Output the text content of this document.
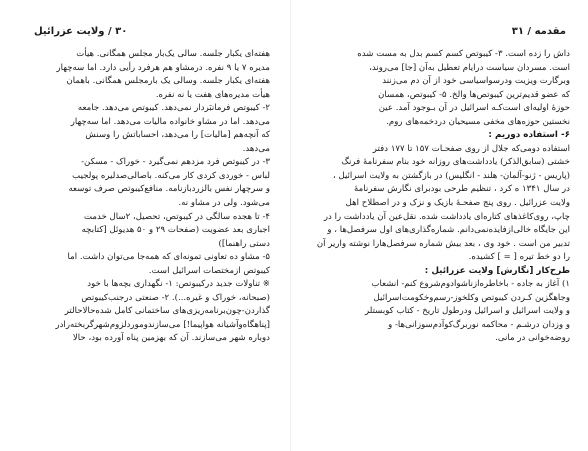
۳۰ / ولایت عزرائیل

هفته‌ای یکبار جلسه. سالی یک‌بار مجلس همگانی. هیأت

مدیره‌ ۷ یا ۹ نفره. درمشاو هم هرفرد رأیی دارد. اما سه‌چهار

هفته‌ای یکبار جلسه. وسالی یک بارمجلس همگانی. باهمان

هیأت مدیره‌های هفت یا نه نفره.

۲- کیبوتص فرمانبَردار نمی‌دهد. کیبوتص می‌دهد. جامعه

می‌دهد. اما در مشاو خانواده مالیات می‌دهد. اما سه‌چهار

که آنچه‌هم [مالیات] را می‌دهد، احساباتش را وسنش

می‌دهد.

۳- در کیبوتص فرد مزدهم نمی‌گیرد - خوراک - مسکن-

لباس - خوردی کردی کار می‌کنه. باصالی‌صدلیره پولجیب

و سرچهار نفس بالزردبازنامه. منافع‌کیبوتص صرف توسعه

می‌شود. ولی در مشاو نه.

۴- تا هجده سالگی در کیبوتص، تحصیل، ۲سال خدمت

اجباری بعد عضویت (صفحات ۲۹ و ۵۰ هدیوئل [کتابچه

دستی راهنما])

۵- مشاو ده تعاونی تمونه‌ای که همه‌جا می‌توان داشت. اما

کیبوتص ازمختصات اسرائیل است.

※ تناولات جدید درکیبوتص: ۱- نگهداری بچه‌ها با خود

(صبحانه، خوراک و غیره...). ۲- صنعتی درجنب‌کیبوتص

گذاردن-چون‌برنامه‌ریزی‌های ساختمانی کامل شده‌حالا‌حالتر

[پناهگاه‌وآشیانه هواپیما!] می‌سازند‌وموردلزوم‌شهرگر‌بخته‌را‌در

دوباره شهر می‌سازند. آن که بهزمین پناه آورده بود، حالا

مقدمه / ۳۱

داش را زده است. ۳- کیبوتص کسم کسم بدل به مست شده

است. مسردان سیاست درایام تعطیل به‌آن [جا] می‌روند،

وبرگارت ویزیت ودرسواسیاسی خود از آن دم می‌زنند

که عضو قدیم‌ترین کیبوتص‌ها والخ. ۵- کیبوتص، همسان

حوزهٔ اولیه‌ای است‌کـه اسرائیل در آن بـوجود آمد. عین

نخستین حوزه‌های مخفی مسیحیان دردخمه‌های روم.

۶- استفاده دوریم :

استفاده دومی‌که جلال از روی صفحـات ۱۵۷ تا ۱۷۷ دفتر

خشتی (سابق‌الذکر) یادداشت‌های روزانه خود بنام سفرنامهٔ فرنگ

(پاریس - ژنو-آلمان- هلند - انگلیس) در بازگشتن به ولایت اسرائیل ،

در سال ۱۳۴۱ ه کرد ، تنظیم طرحی بودبرای نگارش سفرنامهٔ

ولایت عزرائیل . روی پنج صفحـهٔ بازیک و نزک و در اصطلاح اهل

چاپ، روی‌کاغذهای کتاره‌ای یادداشت شده. نقل‌عین آن یادداشت را در

این جایگاه خالی‌ازفایده‌نمی‌دانم. شماره‌گذاری‌های اول سرفصل‌ها ، و

تدبیر من است . خود وی ، بعد بیش شماره سرفصل‌هارا نوشته واریر آن

را دو خط تیره [ = ] کشیده.

طرح‌کار [نگارش] ولایت عزرائیل :

۱) آغاز به جاده - باخاطره‌ازناشوادوم‌شروع کنم- انشعاب

وجاهگزین کـردن کیبوتص وکلخوز-رسم‌و‌خکومت‌اسرائیل

و ولایت اسرائیل و اسرائیل ودرطول تاریخ - کتاب کوبستلر

و وزدان درشـم - محاکمه‌ نوربرگ‌کوآدم‌سوزانی‌ها- و

روضه‌خوانی در مانی.
